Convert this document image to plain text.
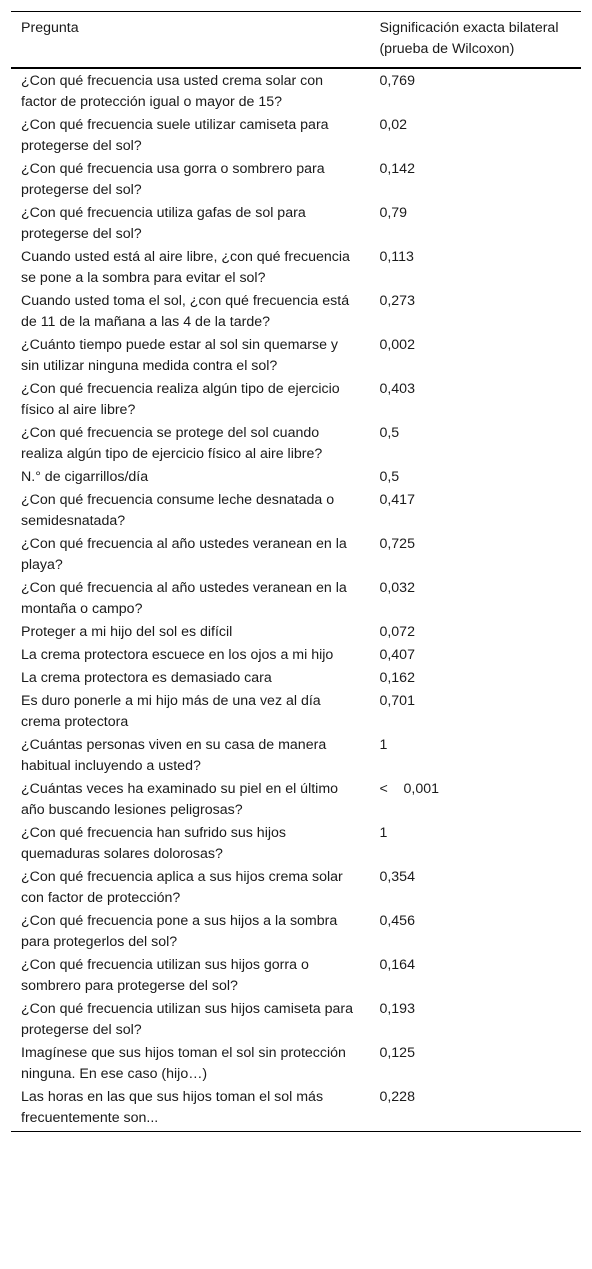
Pregunta	Significación exacta bilateral (prueba de Wilcoxon)
¿Con qué frecuencia usa usted crema solar con factor de protección igual o mayor de 15?	0,769
¿Con qué frecuencia suele utilizar camiseta para protegerse del sol?	0,02
¿Con qué frecuencia usa gorra o sombrero para protegerse del sol?	0,142
¿Con qué frecuencia utiliza gafas de sol para protegerse del sol?	0,79
Cuando usted está al aire libre, ¿con qué frecuencia se pone a la sombra para evitar el sol?	0,113
Cuando usted toma el sol, ¿con qué frecuencia está de 11 de la mañana a las 4 de la tarde?	0,273
¿Cuánto tiempo puede estar al sol sin quemarse y sin utilizar ninguna medida contra el sol?	0,002
¿Con qué frecuencia realiza algún tipo de ejercicio físico al aire libre?	0,403
¿Con qué frecuencia se protege del sol cuando realiza algún tipo de ejercicio físico al aire libre?	0,5
N.° de cigarrillos/día	0,5
¿Con qué frecuencia consume leche desnatada o semidesnatada?	0,417
¿Con qué frecuencia al año ustedes veranean en la playa?	0,725
¿Con qué frecuencia al año ustedes veranean en la montaña o campo?	0,032
Proteger a mi hijo del sol es difícil	0,072
La crema protectora escuece en los ojos a mi hijo	0,407
La crema protectora es demasiado cara	0,162
Es duro ponerle a mi hijo más de una vez al día crema protectora	0,701
¿Cuántas personas viven en su casa de manera habitual incluyendo a usted?	1
¿Cuántas veces ha examinado su piel en el último año buscando lesiones peligrosas?	<    0,001
¿Con qué frecuencia han sufrido sus hijos quemaduras solares dolorosas?	1
¿Con qué frecuencia aplica a sus hijos crema solar con factor de protección?	0,354
¿Con qué frecuencia pone a sus hijos a la sombra para protegerlos del sol?	0,456
¿Con qué frecuencia utilizan sus hijos gorra o sombrero para protegerse del sol?	0,164
¿Con qué frecuencia utilizan sus hijos camiseta para protegerse del sol?	0,193
Imagínese que sus hijos toman el sol sin protección ninguna. En ese caso (hijo…)	0,125
Las horas en las que sus hijos toman el sol más frecuentemente son...	0,228
